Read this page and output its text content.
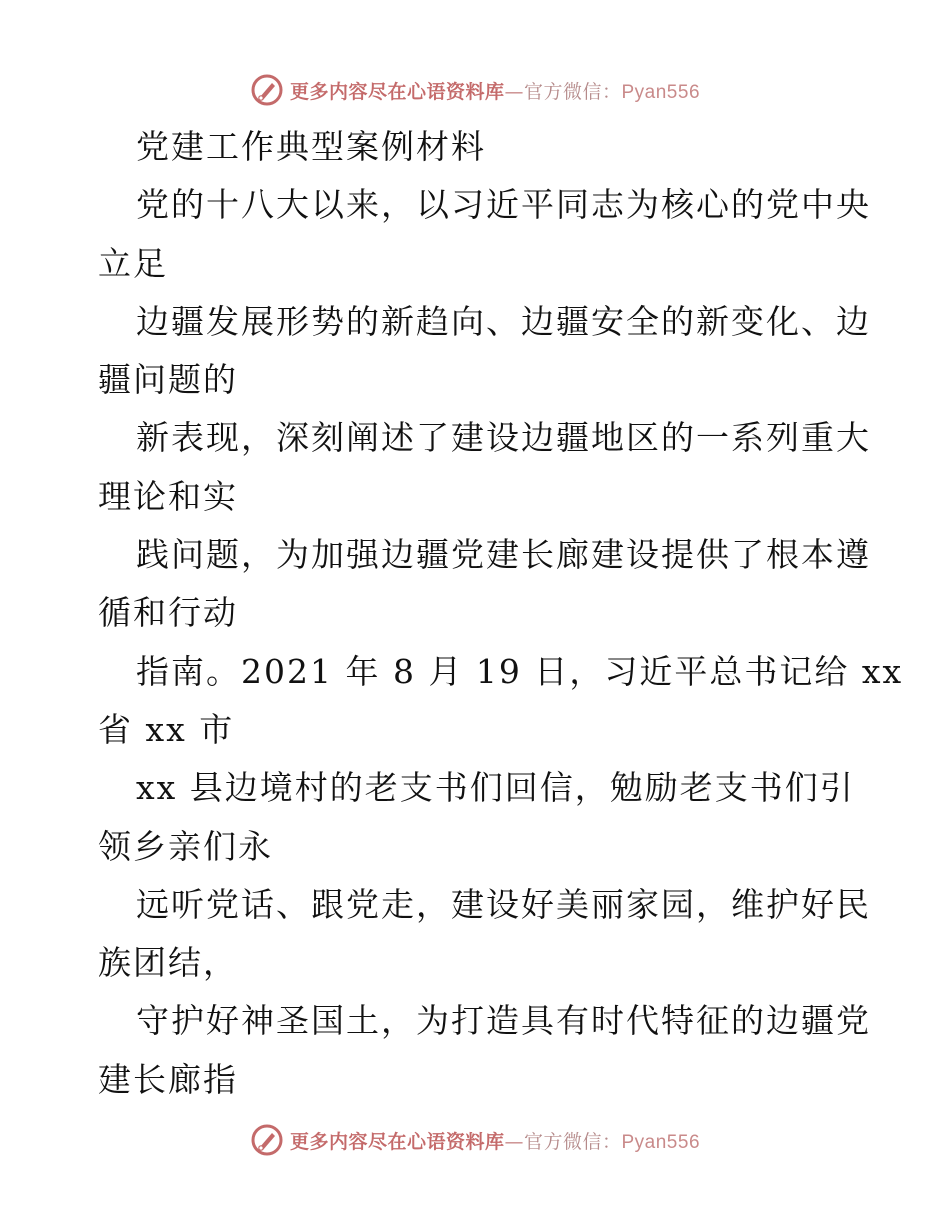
更多内容尽在心语资料库—官方微信：Pyan556
党建工作典型案例材料
党的十八大以来，以习近平同志为核心的党中央
立足
边疆发展形势的新趋向、边疆安全的新变化、边
疆问题的
新表现，深刻阐述了建设边疆地区的一系列重大
理论和实
践问题，为加强边疆党建长廊建设提供了根本遵
循和行动
指南。2021 年 8 月 19 日，习近平总书记给 xx
省 xx 市
xx 县边境村的老支书们回信，勉励老支书们引
领乡亲们永
远听党话、跟党走，建设好美丽家园，维护好民
族团结，
守护好神圣国土，为打造具有时代特征的边疆党
建长廊指
更多内容尽在心语资料库—官方微信：Pyan556
